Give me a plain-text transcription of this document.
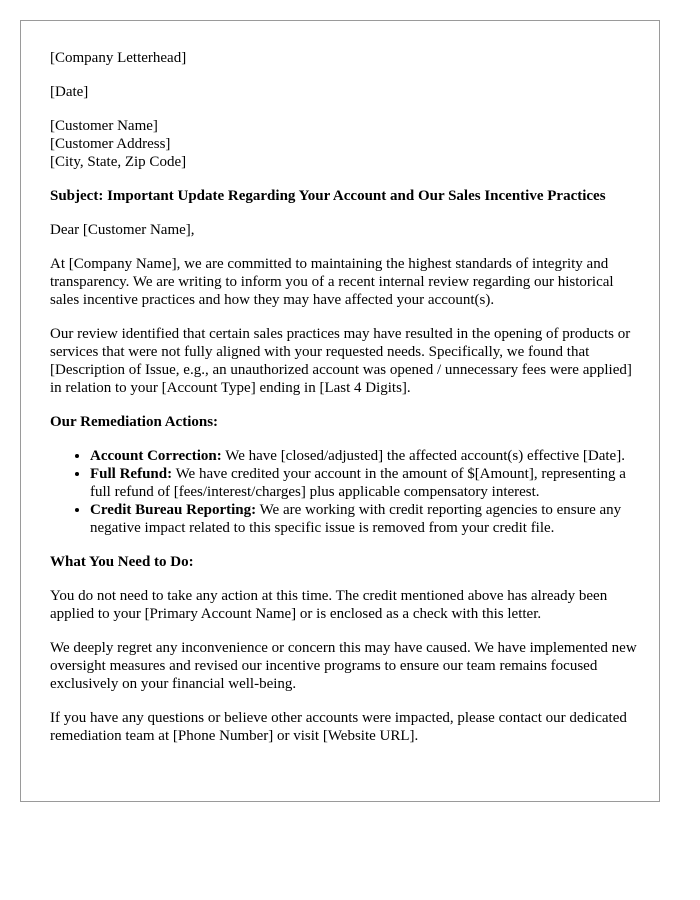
[Company Letterhead]

[Date]

[Customer Name]

[Customer Address]

[City, State, Zip Code]

Subject: Important Update Regarding Your Account and Our Sales Incentive Practices

Dear [Customer Name],

At [Company Name], we are committed to maintaining the highest standards of integrity and transparency. We are writing to inform you of a recent internal review regarding our historical sales incentive practices and how they may have affected your account(s).

Our review identified that certain sales practices may have resulted in the opening of products or services that were not fully aligned with your requested needs. Specifically, we found that [Description of Issue, e.g., an unauthorized account was opened / unnecessary fees were applied] in relation to your [Account Type] ending in [Last 4 Digits].

Our Remediation Actions:

• Account Correction: We have [closed/adjusted] the affected account(s) effective [Date].
• Full Refund: We have credited your account in the amount of $[Amount], representing a full refund of [fees/interest/charges] plus applicable compensatory interest.
• Credit Bureau Reporting: We are working with credit reporting agencies to ensure any negative impact related to this specific issue is removed from your credit file.

What You Need to Do:

You do not need to take any action at this time. The credit mentioned above has already been applied to your [Primary Account Name] or is enclosed as a check with this letter.

We deeply regret any inconvenience or concern this may have caused. We have implemented new oversight measures and revised our incentive programs to ensure our team remains focused exclusively on your financial well-being.

If you have any questions or believe other accounts were impacted, please contact our dedicated remediation team at [Phone Number] or visit [Website URL].
